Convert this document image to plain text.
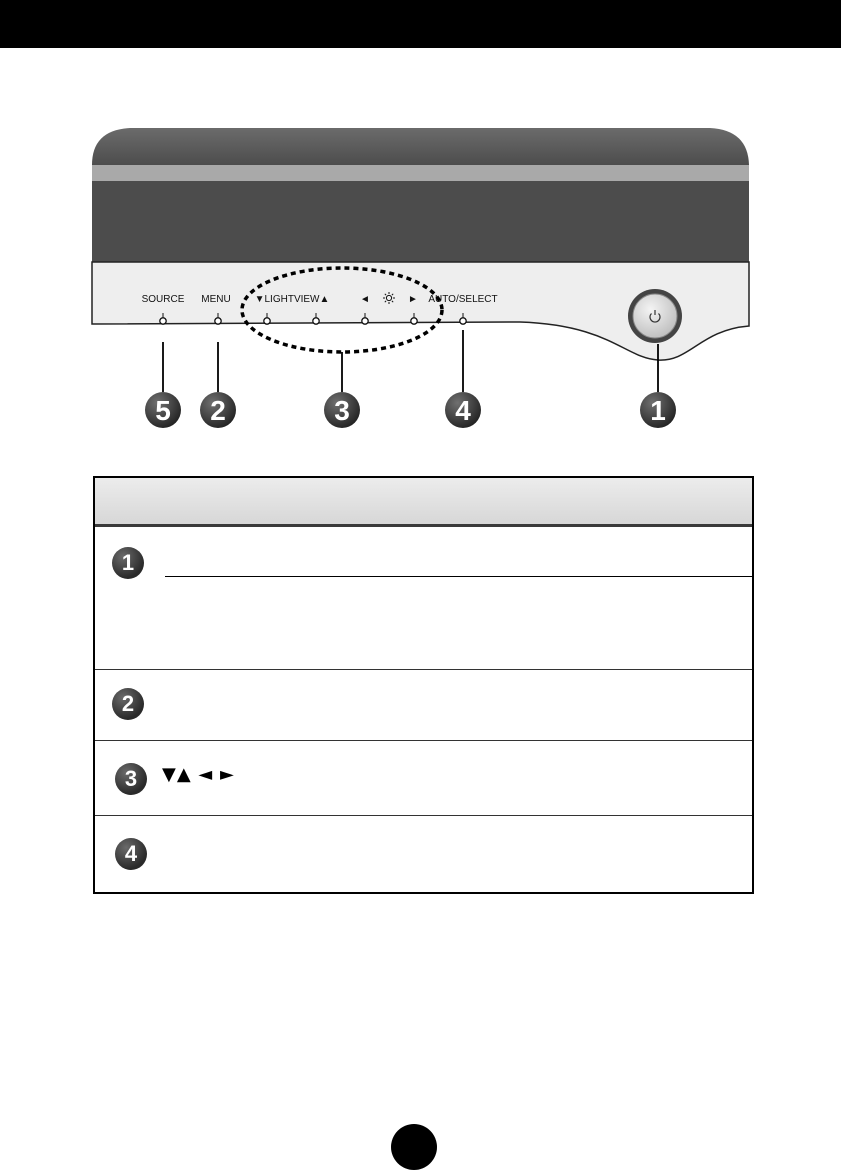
SOURCE MENU ▼LIGHTVIEW▲	◄	► AUTO/SELECT
5 2	3	4	1
1
2
3	▼▲ ◄ ►
4
